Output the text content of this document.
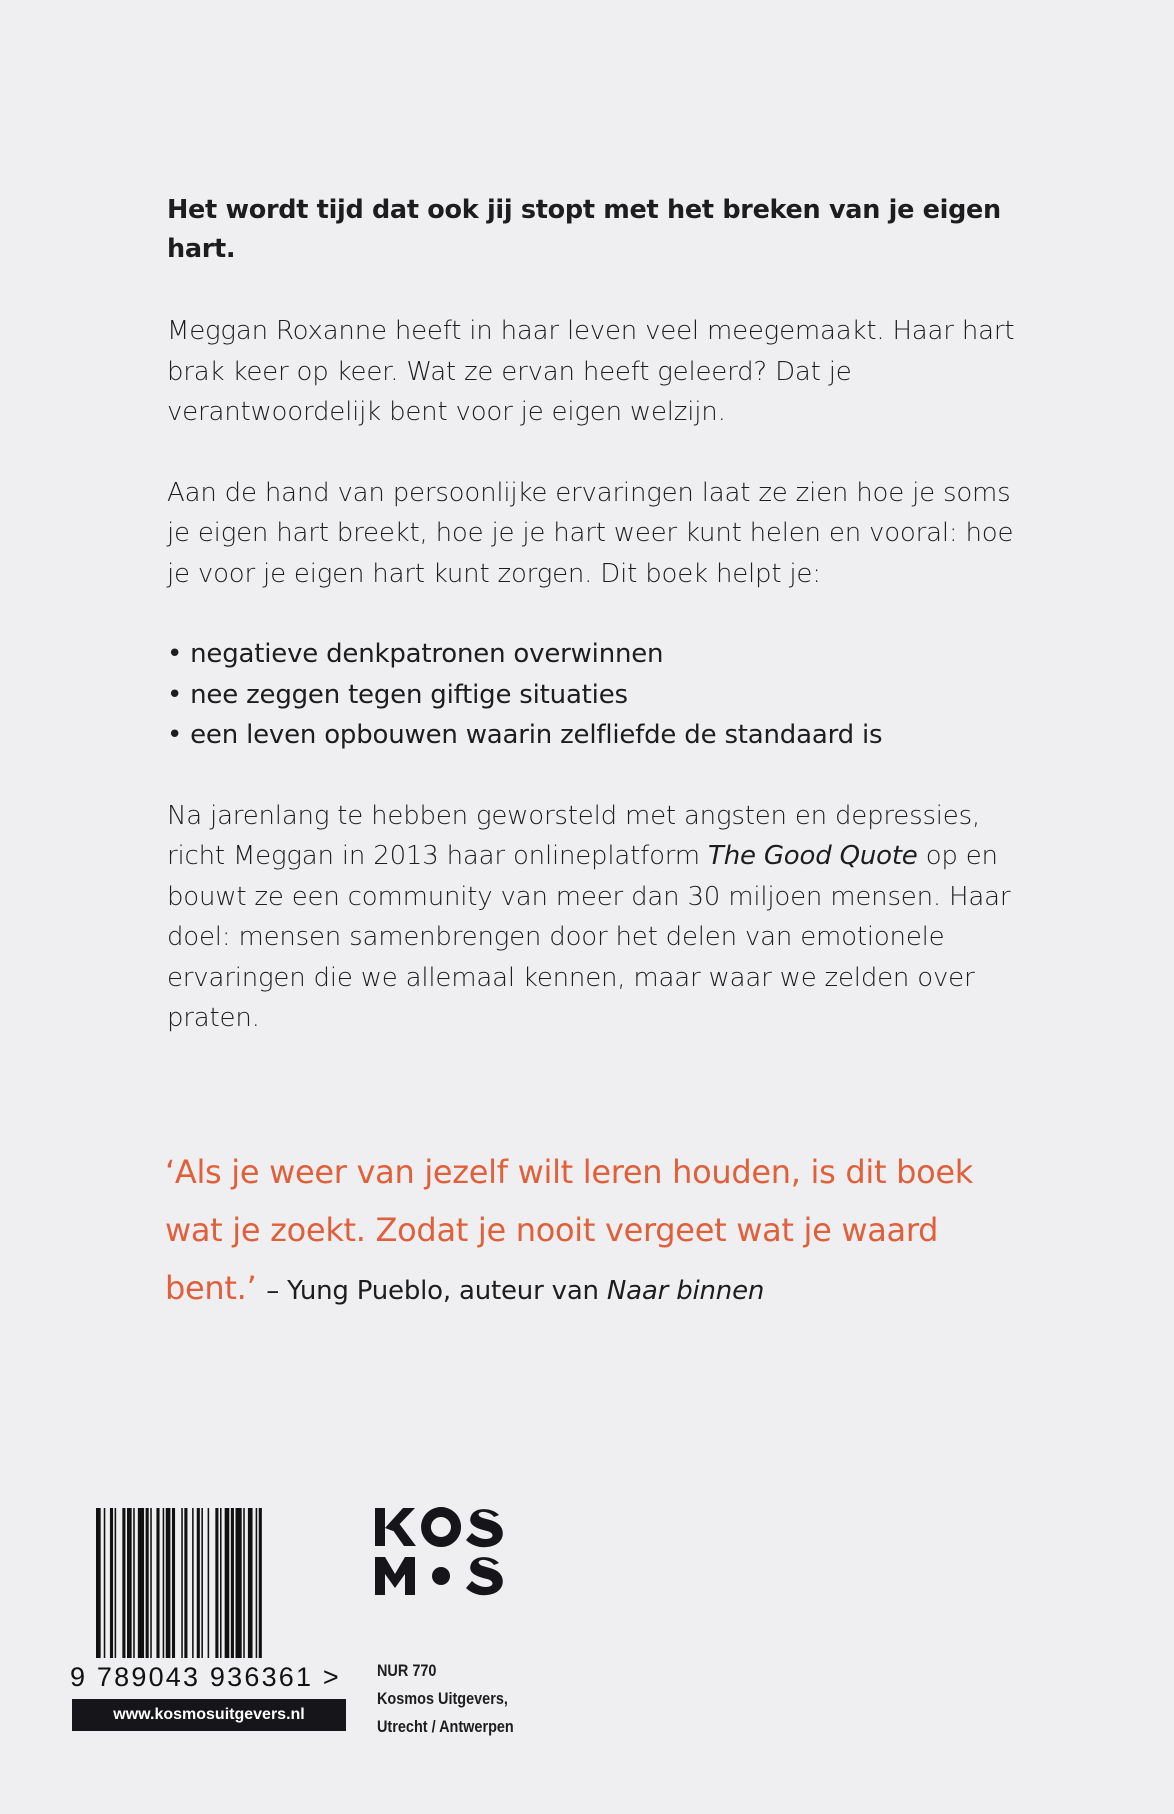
Het wordt tijd dat ook jij stopt met het breken van je eigen hart.

Meggan Roxanne heeft in haar leven veel meegemaakt. Haar hart brak keer op keer. Wat ze ervan heeft geleerd? Dat je verantwoordelijk bent voor je eigen welzijn.

Aan de hand van persoonlijke ervaringen laat ze zien hoe je soms je eigen hart breekt, hoe je je hart weer kunt helen en vooral: hoe je voor je eigen hart kunt zorgen. Dit boek helpt je:

• negatieve denkpatronen overwinnen
• nee zeggen tegen giftige situaties
• een leven opbouwen waarin zelfliefde de standaard is

Na jarenlang te hebben geworsteld met angsten en depressies, richt Meggan in 2013 haar onlineplatform The Good Quote op en bouwt ze een community van meer dan 30 miljoen mensen. Haar doel: mensen samenbrengen door het delen van emotionele ervaringen die we allemaal kennen, maar waar we zelden over praten.

‘Als je weer van jezelf wilt leren houden, is dit boek wat je zoekt. Zodat je nooit vergeet wat je waard bent.’ – Yung Pueblo, auteur van Naar binnen
9 789043 936361 >
www.kosmosuitgevers.nl
NUR 770
Kosmos Uitgevers,
Utrecht / Antwerpen
